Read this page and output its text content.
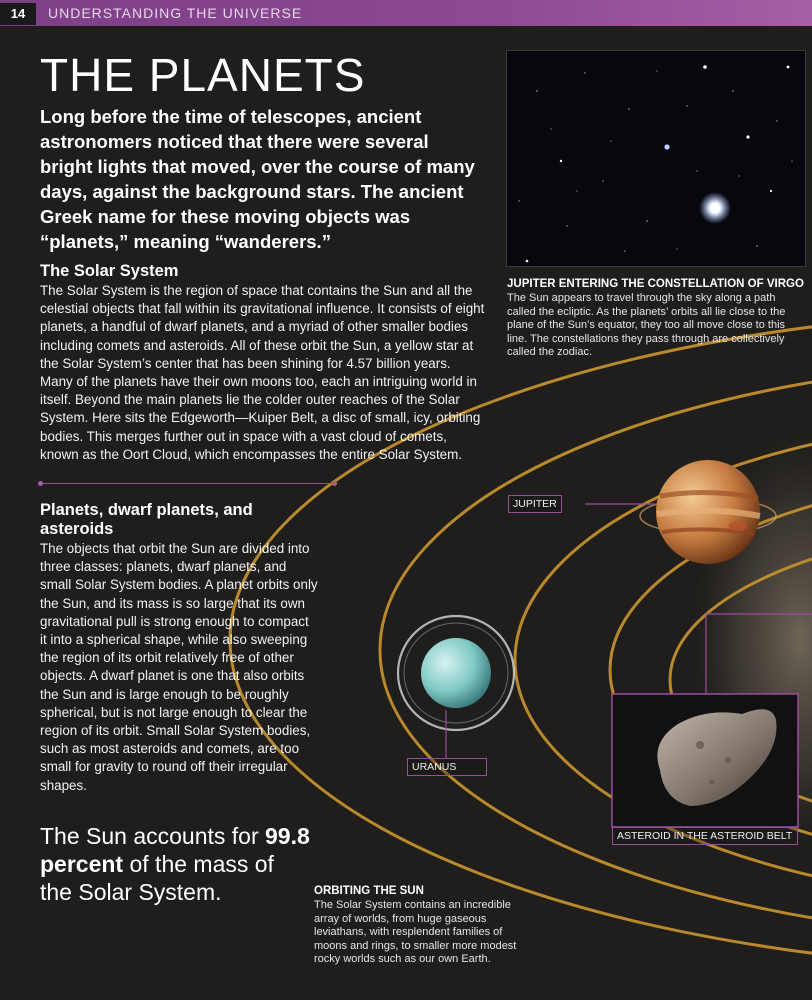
14	UNDERSTANDING THE UNIVERSE
THE PLANETS

Long before the time of telescopes, ancient astronomers noticed that there were several bright lights that moved, over the course of many days, against the background stars. The ancient Greek name for these moving objects was “planets,” meaning “wanderers.”

The Solar System

The Solar System is the region of space that contains the Sun and all the celestial objects that fall within its gravitational influence. It consists of eight planets, a handful of dwarf planets, and a myriad of other smaller bodies including comets and asteroids. All of these orbit the Sun, a yellow star at the Solar System’s center that has been shining for 4.57 billion years. Many of the planets have their own moons too, each an intriguing world in itself. Beyond the main planets lie the colder outer reaches of the Solar System. Here sits the Edgeworth—Kuiper Belt, a disc of small, icy, orbiting bodies. This merges further out in space with a vast cloud of comets, known as the Oort Cloud, which encompasses the entire Solar System.

Planets, dwarf planets, and asteroids

The objects that orbit the Sun are divided into three classes: planets, dwarf planets, and small Solar System bodies. A planet orbits only the Sun, and its mass is so large that its own gravitational pull is strong enough to compact it into a spherical shape, while also sweeping the region of its orbit relatively free of other objects. A dwarf planet is one that also orbits the Sun and is large enough to be roughly spherical, but is not large enough to clear the region of its orbit. Small Solar System bodies, such as most asteroids and comets, are too small for gravity to round off their irregular shapes.

The Sun accounts for 99.8 percent of the mass of the Solar System.

JUPITER ENTERING THE CONSTELLATION OF VIRGO

The Sun appears to travel through the sky along a path called the ecliptic. As the planets’ orbits all lie close to the plane of the Sun’s equator, they too all move close to this line. The constellations they pass through are collectively called the zodiac.

JUPITER
URANUS
ASTEROID IN THE ASTEROID BELT
ORBITING THE SUN

The Solar System contains an incredible array of worlds, from huge gaseous leviathans, with resplendent families of moons and rings, to smaller more modest rocky worlds such as our own Earth.
